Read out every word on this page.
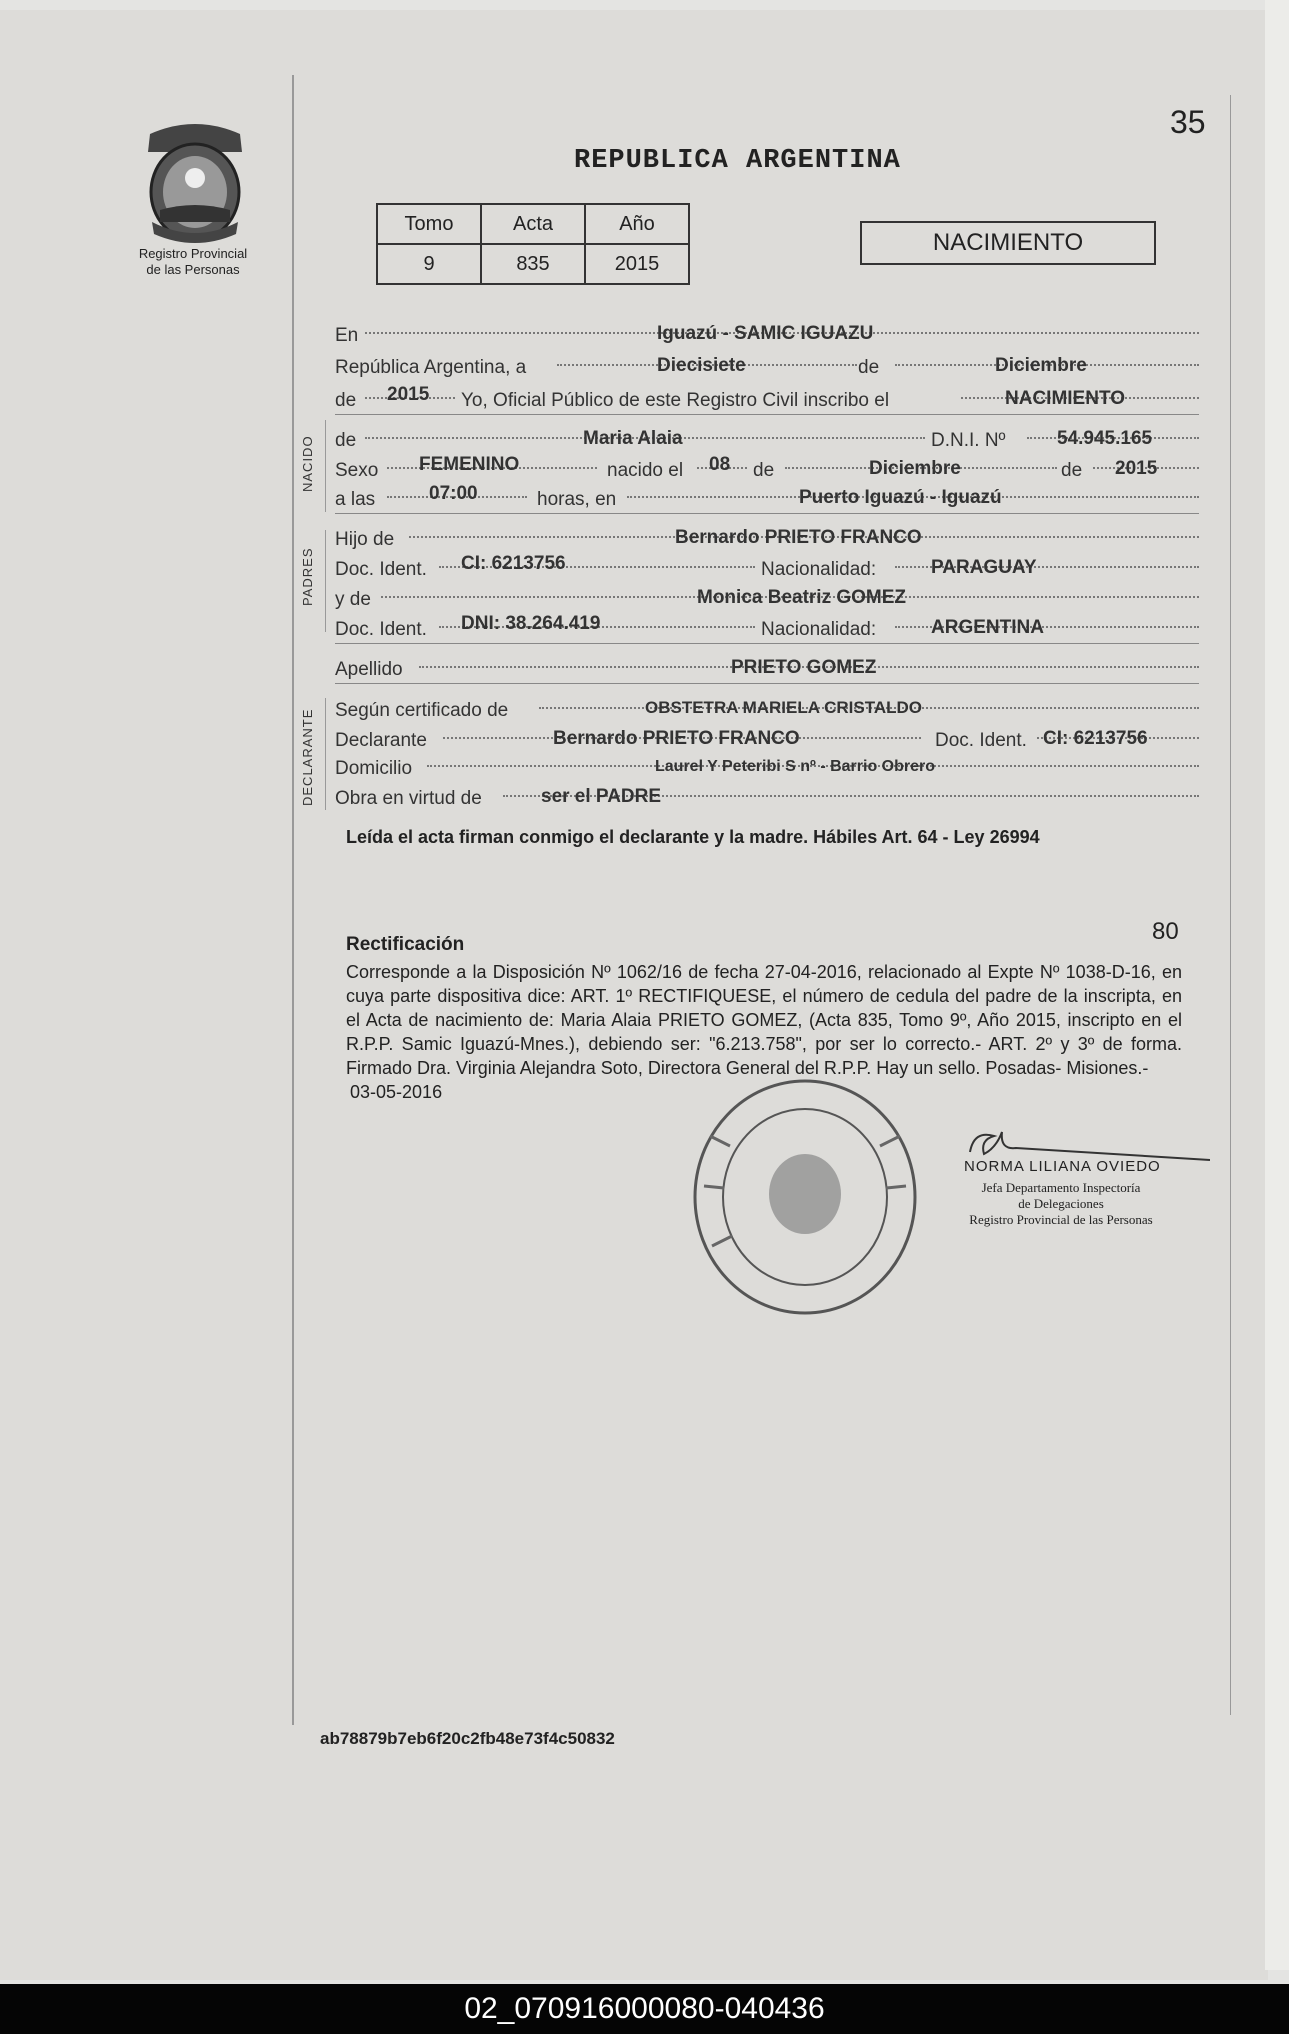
Registro Provincial
de las Personas
35
REPUBLICA ARGENTINA
Tomo	Acta	Año
9	835	2015
NACIMIENTO
NACIDO
PADRES
DECLARANTE
En	Iguazú - SAMIC IGUAZU
República Argentina, a	Diecisiete	de	Diciembre
de 2015 Yo, Oficial Público de este Registro Civil inscribo el	NACIMIENTO
de	Maria Alaia	D.N.I. Nº	54.945.165
Sexo FEMENINO	nacido el 08 de	Diciembre	de 2015
a las	07:00	horas, en	Puerto Iguazú - Iguazú
Hijo de	Bernardo PRIETO FRANCO
Doc. Ident. CI: 6213756	Nacionalidad:	PARAGUAY
y de	Monica Beatriz GOMEZ
Doc. Ident. DNI: 38.264.419	Nacionalidad:	ARGENTINA
Apellido	PRIETO GOMEZ
Según certificado de	OBSTETRA MARIELA CRISTALDO
Declarante	Bernardo PRIETO FRANCO	Doc. Ident. CI: 6213756
Domicilio	Laurel Y Peteribi S nº - Barrio Obrero
Obra en virtud de	ser el PADRE
Leída el acta firman conmigo el declarante y la madre. Hábiles Art. 64 - Ley 26994
Rectificación	80
Corresponde a la Disposición Nº 1062/16 de fecha 27-04-2016, relacionado al Expte Nº 1038-D-16, en cuya parte dispositiva dice: ART. 1º RECTIFIQUESE, el número de cedula del padre de la inscripta, en el Acta de nacimiento de: Maria Alaia PRIETO GOMEZ, (Acta 835, Tomo 9º, Año 2015, inscripto en el R.P.P. Samic Iguazú-Mnes.), debiendo ser: "6.213.758", por ser lo correcto.- ART. 2º y 3º de forma. Firmado Dra. Virginia Alejandra Soto, Directora General del R.P.P. Hay un sello. Posadas- Misiones.-
03-05-2016
NORMA LILIANA OVIEDO
Jefa Departamento Inspectoría
de Delegaciones
Registro Provincial de las Personas
ab78879b7eb6f20c2fb48e73f4c50832
02_070916000080-040436
